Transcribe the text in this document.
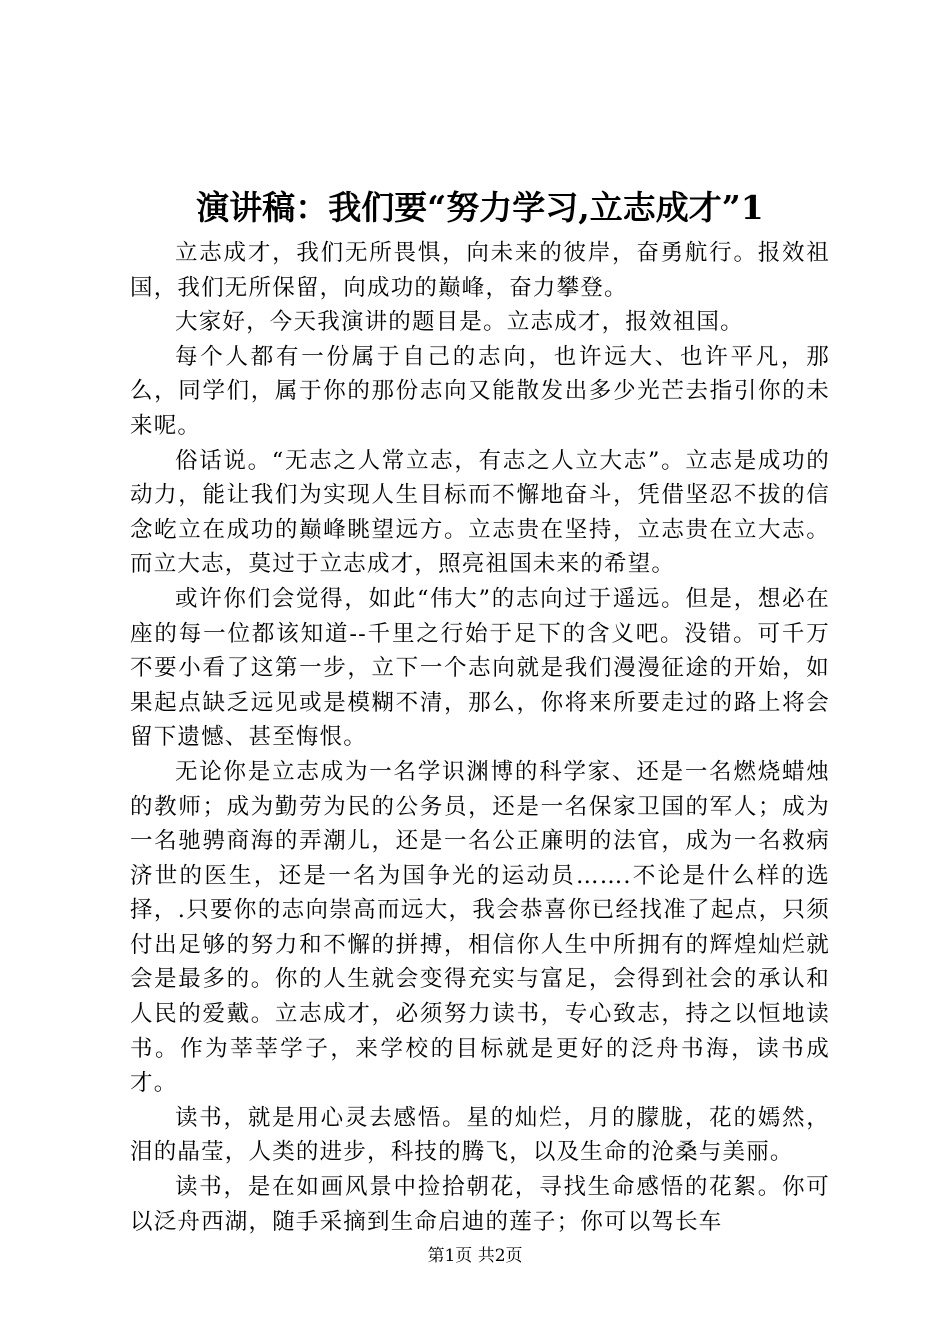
演讲稿：我们要“努力学习,立志成才”1

立志成才，我们无所畏惧，向未来的彼岸，奋勇航行。报效祖国，我们无所保留，向成功的巅峰，奋力攀登。

大家好，今天我演讲的题目是。立志成才，报效祖国。

每个人都有一份属于自己的志向，也许远大、也许平凡，那么，同学们，属于你的那份志向又能散发出多少光芒去指引你的未来呢。

俗话说。“无志之人常立志，有志之人立大志”。立志是成功的动力，能让我们为实现人生目标而不懈地奋斗，凭借坚忍不拔的信念屹立在成功的巅峰眺望远方。立志贵在坚持，立志贵在立大志。而立大志，莫过于立志成才，照亮祖国未来的希望。

或许你们会觉得，如此“伟大”的志向过于遥远。但是，想必在座的每一位都该知道--千里之行始于足下的含义吧。没错。可千万不要小看了这第一步，立下一个志向就是我们漫漫征途的开始，如果起点缺乏远见或是模糊不清，那么，你将来所要走过的路上将会留下遗憾、甚至悔恨。

无论你是立志成为一名学识渊博的科学家、还是一名燃烧蜡烛的教师；成为勤劳为民的公务员，还是一名保家卫国的军人；成为一名驰骋商海的弄潮儿，还是一名公正廉明的法官，成为一名救病济世的医生，还是一名为国争光的运动员…….不论是什么样的选择，.只要你的志向崇高而远大，我会恭喜你已经找准了起点，只须付出足够的努力和不懈的拼搏，相信你人生中所拥有的辉煌灿烂就会是最多的。你的人生就会变得充实与富足，会得到社会的承认和人民的爱戴。立志成才，必须努力读书，专心致志，持之以恒地读书。作为莘莘学子，来学校的目标就是更好的泛舟书海，读书成才。

读书，就是用心灵去感悟。星的灿烂，月的朦胧，花的嫣然，泪的晶莹，人类的进步，科技的腾飞，以及生命的沧桑与美丽。

读书，是在如画风景中捡拾朝花，寻找生命感悟的花絮。你可以泛舟西湖，随手采摘到生命启迪的莲子；你可以驾长车

第1页 共2页
